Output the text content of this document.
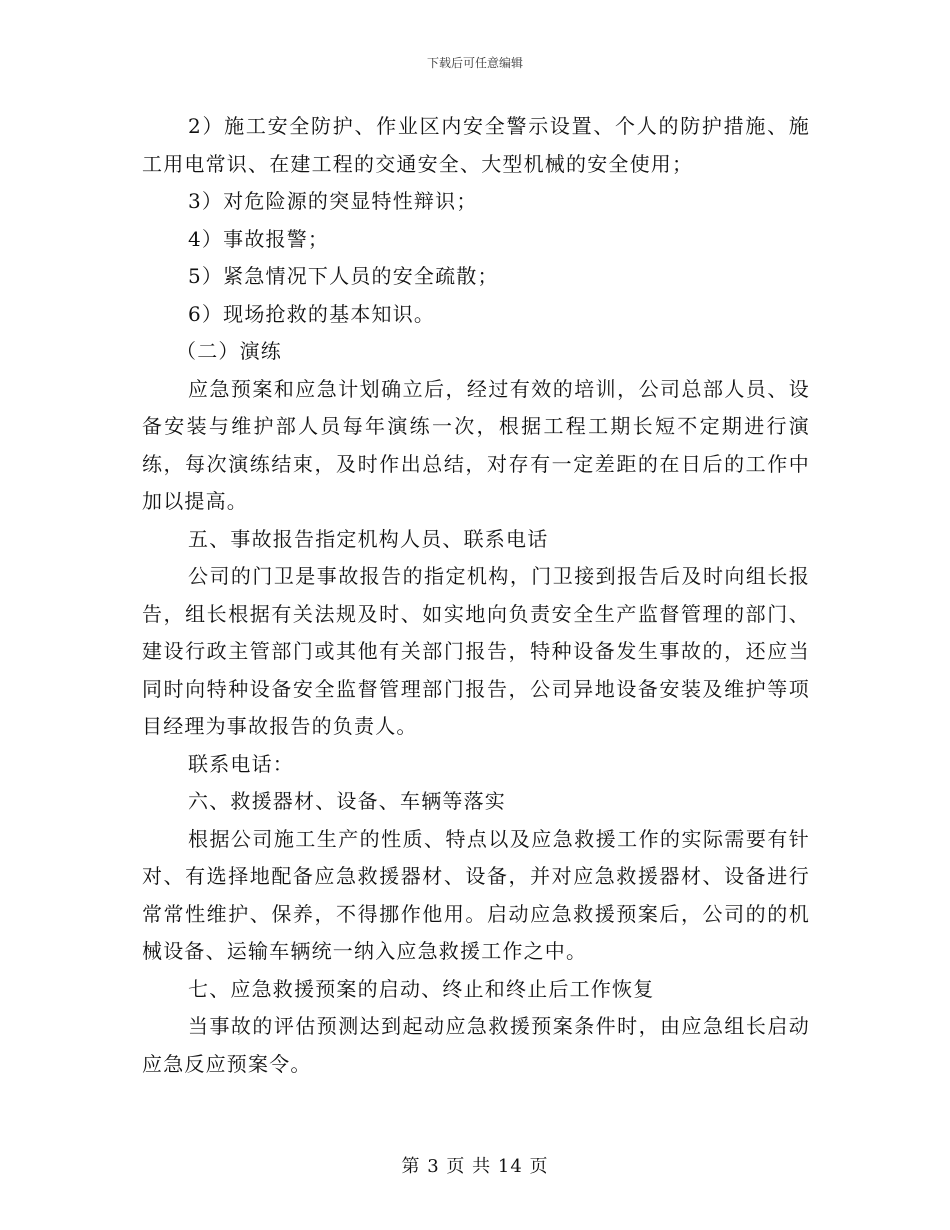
下载后可任意编辑

2）施工安全防护、作业区内安全警示设置、个人的防护措施、施工用电常识、在建工程的交通安全、大型机械的安全使用；

3）对危险源的突显特性辩识；

4）事故报警；

5）紧急情况下人员的安全疏散；

6）现场抢救的基本知识。

（二）演练

应急预案和应急计划确立后，经过有效的培训，公司总部人员、设备安装与维护部人员每年演练一次，根据工程工期长短不定期进行演练，每次演练结束，及时作出总结，对存有一定差距的在日后的工作中加以提高。

五、事故报告指定机构人员、联系电话

公司的门卫是事故报告的指定机构，门卫接到报告后及时向组长报告，组长根据有关法规及时、如实地向负责安全生产监督管理的部门、建设行政主管部门或其他有关部门报告，特种设备发生事故的，还应当同时向特种设备安全监督管理部门报告，公司异地设备安装及维护等项目经理为事故报告的负责人。

联系电话：

六、救援器材、设备、车辆等落实

根据公司施工生产的性质、特点以及应急救援工作的实际需要有针对、有选择地配备应急救援器材、设备，并对应急救援器材、设备进行常常性维护、保养，不得挪作他用。启动应急救援预案后，公司的的机械设备、运输车辆统一纳入应急救援工作之中。

七、应急救援预案的启动、终止和终止后工作恢复

当事故的评估预测达到起动应急救援预案条件时，由应急组长启动应急反应预案令。

第 3 页 共 14 页
